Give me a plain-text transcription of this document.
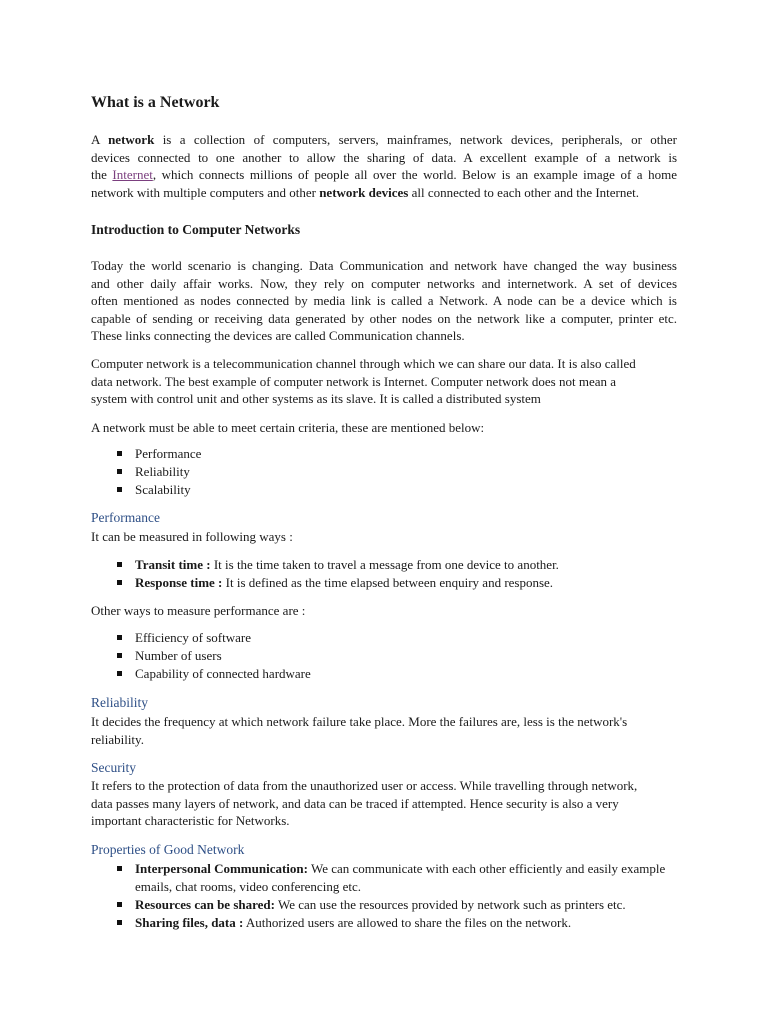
What is a Network
A network is a collection of computers, servers, mainframes, network devices, peripherals, or other
devices connected to one another to allow the sharing of data. A excellent example of a network is
the Internet, which connects millions of people all over the world. Below is an example image of a home
network with multiple computers and other network devices all connected to each other and the Internet.
Introduction to Computer Networks
Today the world scenario is changing. Data Communication and network have changed the way business
and other daily affair works. Now, they rely on computer networks and internetwork. A set of devices
often mentioned as nodes connected by media link is called a Network. A node can be a device which is
capable of sending or receiving data generated by other nodes on the network like a computer, printer etc.
These links connecting the devices are called Communication channels.
Computer network is a telecommunication channel through which we can share our data. It is also called
data network. The best example of computer network is Internet. Computer network does not mean a
system with control unit and other systems as its slave. It is called a distributed system
A network must be able to meet certain criteria, these are mentioned below:
Performance
Reliability
Scalability
Performance
It can be measured in following ways :
Transit time : It is the time taken to travel a message from one device to another.
Response time : It is defined as the time elapsed between enquiry and response.
Other ways to measure performance are :
Efficiency of software
Number of users
Capability of connected hardware
Reliability
It decides the frequency at which network failure take place. More the failures are, less is the network's
reliability.
Security
It refers to the protection of data from the unauthorized user or access. While travelling through network,
data passes many layers of network, and data can be traced if attempted. Hence security is also a very
important characteristic for Networks.
Properties of Good Network
Interpersonal Communication: We can communicate with each other efficiently and easily example emails, chat rooms, video conferencing etc.
Resources can be shared: We can use the resources provided by network such as printers etc.
Sharing files, data : Authorized users are allowed to share the files on the network.
